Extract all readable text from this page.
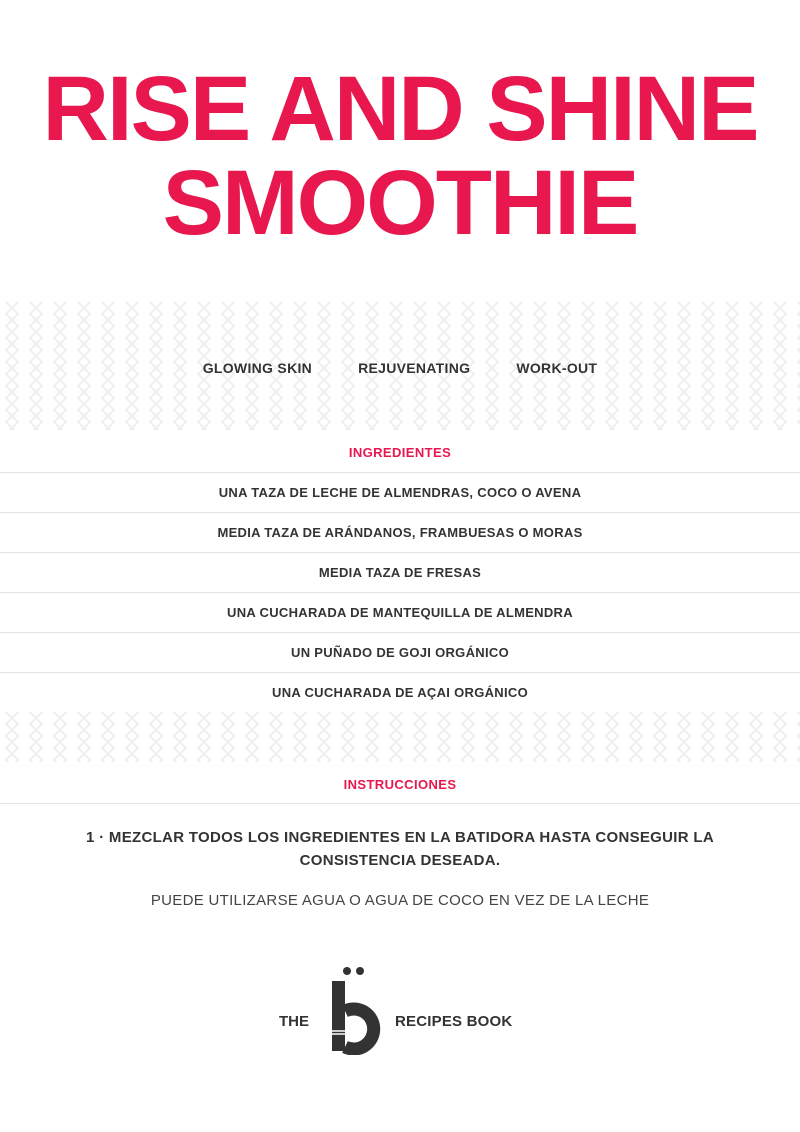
RISE AND SHINE
SMOOTHIE
GLOWING SKIN	REJUVENATING	WORK-OUT
INGREDIENTES
UNA TAZA DE LECHE DE ALMENDRAS, COCO O AVENA
MEDIA TAZA DE ARÁNDANOS, FRAMBUESAS O MORAS
MEDIA TAZA DE FRESAS
UNA CUCHARADA DE MANTEQUILLA DE ALMENDRA
UN PUÑADO DE GOJI ORGÁNICO
UNA CUCHARADA DE AÇAI ORGÁNICO
INSTRUCCIONES
1 · MEZCLAR TODOS LOS INGREDIENTES EN LA BATIDORA HASTA CONSEGUIR LA CONSISTENCIA DESEADA.
PUEDE UTILIZARSE AGUA O AGUA DE COCO EN VEZ DE LA LECHE
THE	RECIPES BOOK
